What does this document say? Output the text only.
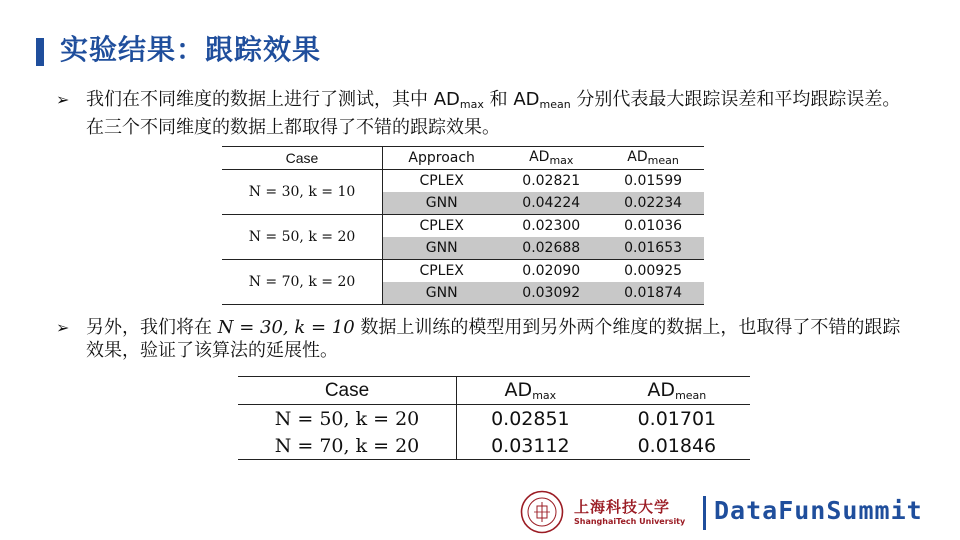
实验结果：跟踪效果
➢ 我们在不同维度的数据上进行了测试，其中 $AD_{max}$ 和 $AD_{mean}$ 分别代表最大跟踪误差和平均跟踪误差。在三个不同维度的数据上都取得了不错的跟踪效果。
Case	Approach	$AD_{max}$	$AD_{mean}$
N = 30, k = 10	CPLEX	0.02821	0.01599
	GNN	0.04224	0.02234
N = 50, k = 20	CPLEX	0.02300	0.01036
	GNN	0.02688	0.01653
N = 70, k = 20	CPLEX	0.02090	0.00925
	GNN	0.03092	0.01874
➢ 另外，我们将在 N = 30, k = 10 数据上训练的模型用到另外两个维度的数据上，也取得了不错的跟踪效果，验证了该算法的延展性。
Case	$AD_{max}$	$AD_{mean}$
N = 50, k = 20	0.02851	0.01701
N = 70, k = 20	0.03112	0.01846
上海科技大学
ShanghaiTech University DataFunSummit
